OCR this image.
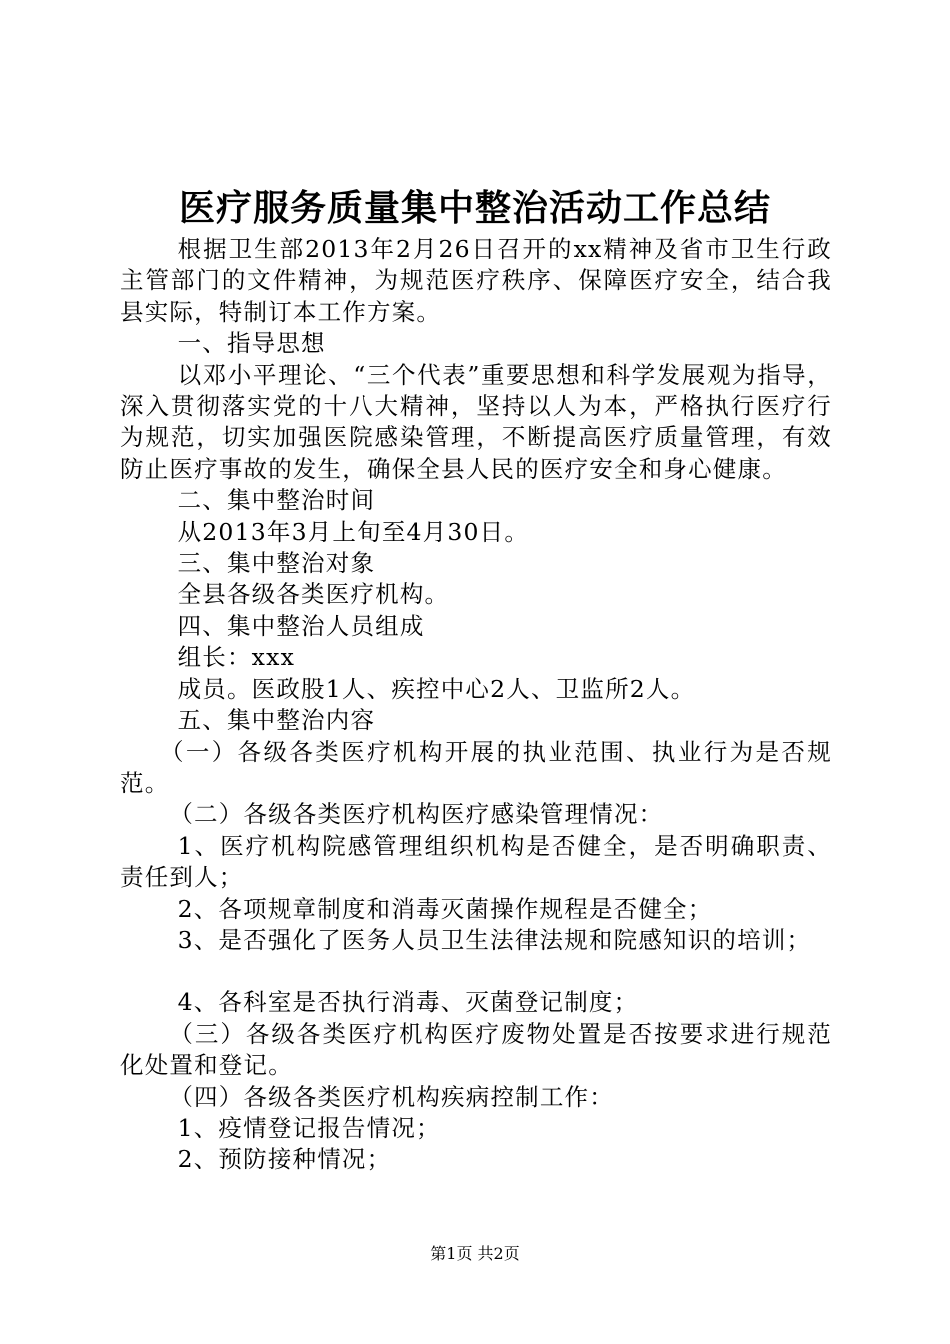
医疗服务质量集中整治活动工作总结

根据卫生部2013年2月26日召开的xx精神及省市卫生行政主管部门的文件精神，为规范医疗秩序、保障医疗安全，结合我县实际，特制订本工作方案。

一、指导思想

以邓小平理论、“三个代表”重要思想和科学发展观为指导，深入贯彻落实党的十八大精神，坚持以人为本，严格执行医疗行为规范，切实加强医院感染管理，不断提高医疗质量管理，有效防止医疗事故的发生，确保全县人民的医疗安全和身心健康。

二、集中整治时间

从2013年3月上旬至4月30日。

三、集中整治对象

全县各级各类医疗机构。

四、集中整治人员组成

组长：xxx

成员。医政股1人、疾控中心2人、卫监所2人。

五、集中整治内容

（一）各级各类医疗机构开展的执业范围、执业行为是否规范。

（二）各级各类医疗机构医疗感染管理情况：

1、医疗机构院感管理组织机构是否健全，是否明确职责、责任到人；

2、各项规章制度和消毒灭菌操作规程是否健全；

3、是否强化了医务人员卫生法律法规和院感知识的培训；

4、各科室是否执行消毒、灭菌登记制度；

（三）各级各类医疗机构医疗废物处置是否按要求进行规范化处置和登记。

（四）各级各类医疗机构疾病控制工作：

1、疫情登记报告情况；

2、预防接种情况；

第1页 共2页
